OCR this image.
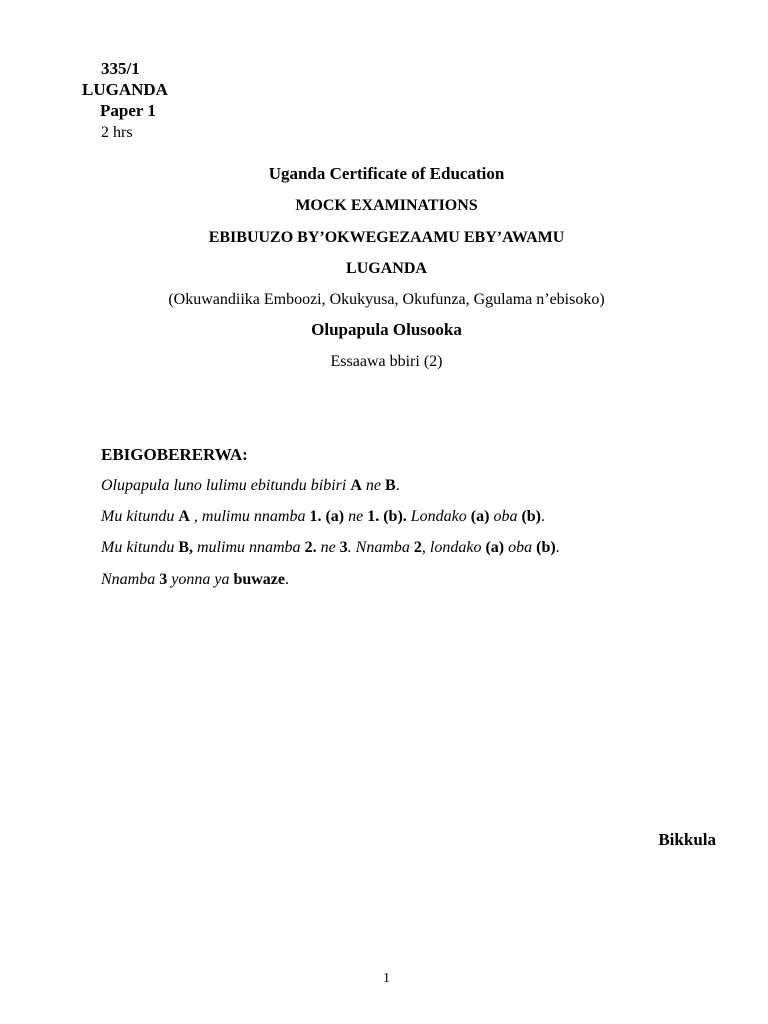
335/1
LUGANDA
Paper 1
2 hrs
Uganda Certificate of Education
MOCK EXAMINATIONS
EBIBUUZO BY’OKWEGEZAAMU EBY’AWAMU
LUGANDA
(Okuwandiika Emboozi, Okukyusa, Okufunza, Ggulama n’ebisoko)
Olupapula Olusooka
Essaawa bbiri (2)
EBIGOBERERWA:
Olupapula luno lulimu ebitundu bibiri A ne B.
Mu kitundu A , mulimu nnamba 1. (a) ne 1. (b). Londako (a) oba (b).
Mu kitundu B, mulimu nnamba 2. ne 3. Nnamba 2, londako (a) oba (b).
Nnamba 3 yonna ya buwaze.
Bikkula
1
